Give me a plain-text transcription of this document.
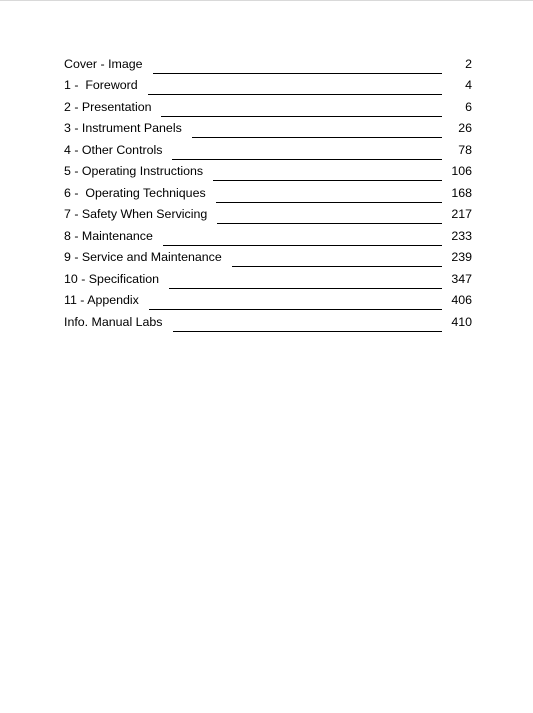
Cover - Image	2
1 -  Foreword	4
2 - Presentation	6
3 - Instrument Panels	26
4 - Other Controls	78
5 - Operating Instructions	106
6 -  Operating Techniques	168
7 - Safety When Servicing	217
8 - Maintenance	233
9 - Service and Maintenance	239
10 - Specification	347
11 - Appendix	406
Info. Manual Labs	410
